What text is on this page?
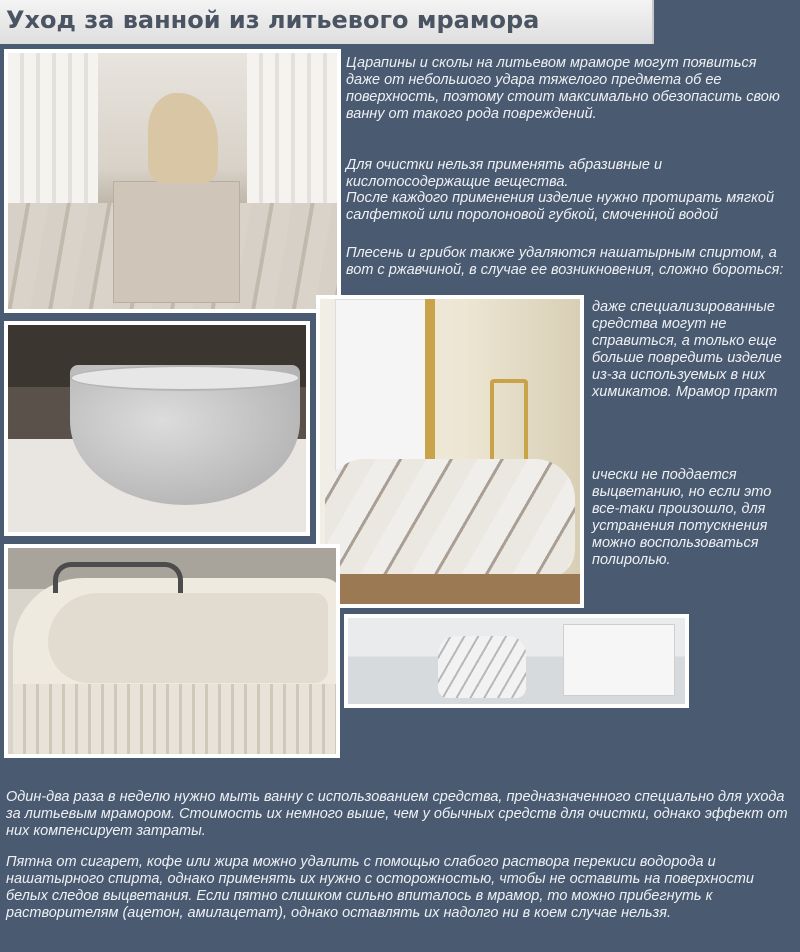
Уход за ванной из литьевого мрамора

Царапины и сколы на литьевом мраморе могут появиться даже от небольшого удара тяжелого предмета об ее поверхность, поэтому стоит максимально обезопасить свою ванну от такого рода повреждений.

Для очистки нельзя применять абразивные и кислотосодержащие вещества.

После каждого применения изделие нужно протирать мягкой салфеткой или поролоновой губкой, смоченной водой

Плесень и грибок также удаляются нашатырным спиртом, а вот с ржавчиной, в случае ее возникновения, сложно бороться:

даже специализированные средства могут не справиться, а только еще больше повредить изделие из-за используемых в них химикатов. Мрамор практ

ически не поддается выцветанию, но если это все-таки произошло, для устранения потускнения можно воспользоваться полиролью.

Один-два раза в неделю нужно мыть ванну с использованием средства, предназначенного специально для ухода за литьевым мрамором. Стоимость их немного выше, чем у обычных средств для очистки, однако эффект от них компенсирует затраты.

Пятна от сигарет, кофе или жира можно удалить с помощью слабого раствора перекиси водорода и нашатырного спирта, однако применять их нужно с осторожностью, чтобы не оставить на поверхности белых следов выцветания. Если пятно слишком сильно впиталось в мрамор, то можно прибегнуть к растворителям (ацетон, амилацетат), однако оставлять их надолго ни в коем случае нельзя.
